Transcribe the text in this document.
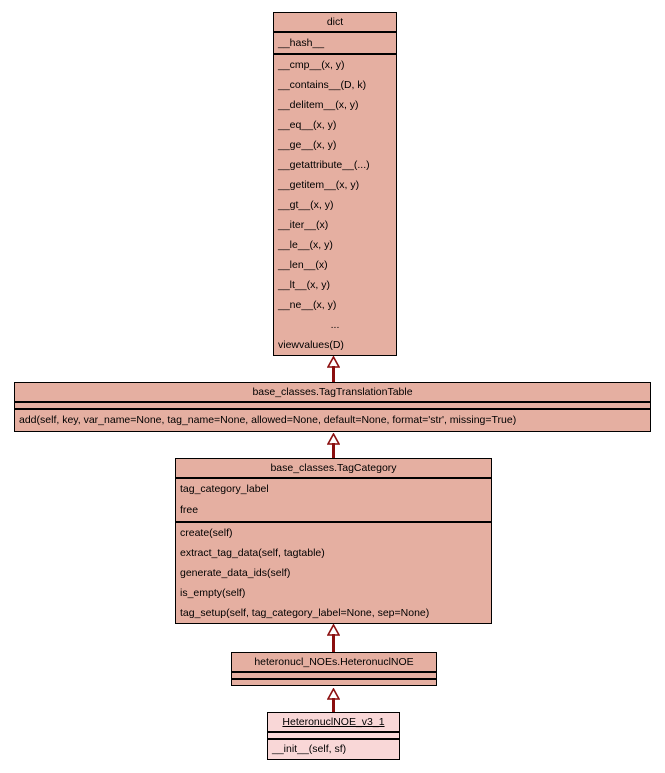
dict
__hash__
__cmp__(x, y)
__contains__(D, k)
__delitem__(x, y)
__eq__(x, y)
__ge__(x, y)
__getattribute__(...)
__getitem__(x, y)
__gt__(x, y)
__iter__(x)
__le__(x, y)
__len__(x)
__lt__(x, y)
__ne__(x, y)
...
viewvalues(D)
base_classes.TagTranslationTable
add(self, key, var_name=None, tag_name=None, allowed=None, default=None, format='str', missing=True)
base_classes.TagCategory
tag_category_label
free
create(self)
extract_tag_data(self, tagtable)
generate_data_ids(self)
is_empty(self)
tag_setup(self, tag_category_label=None, sep=None)
heteronucl_NOEs.HeteronuclNOE
HeteronuclNOE_v3_1
__init__(self, sf)
